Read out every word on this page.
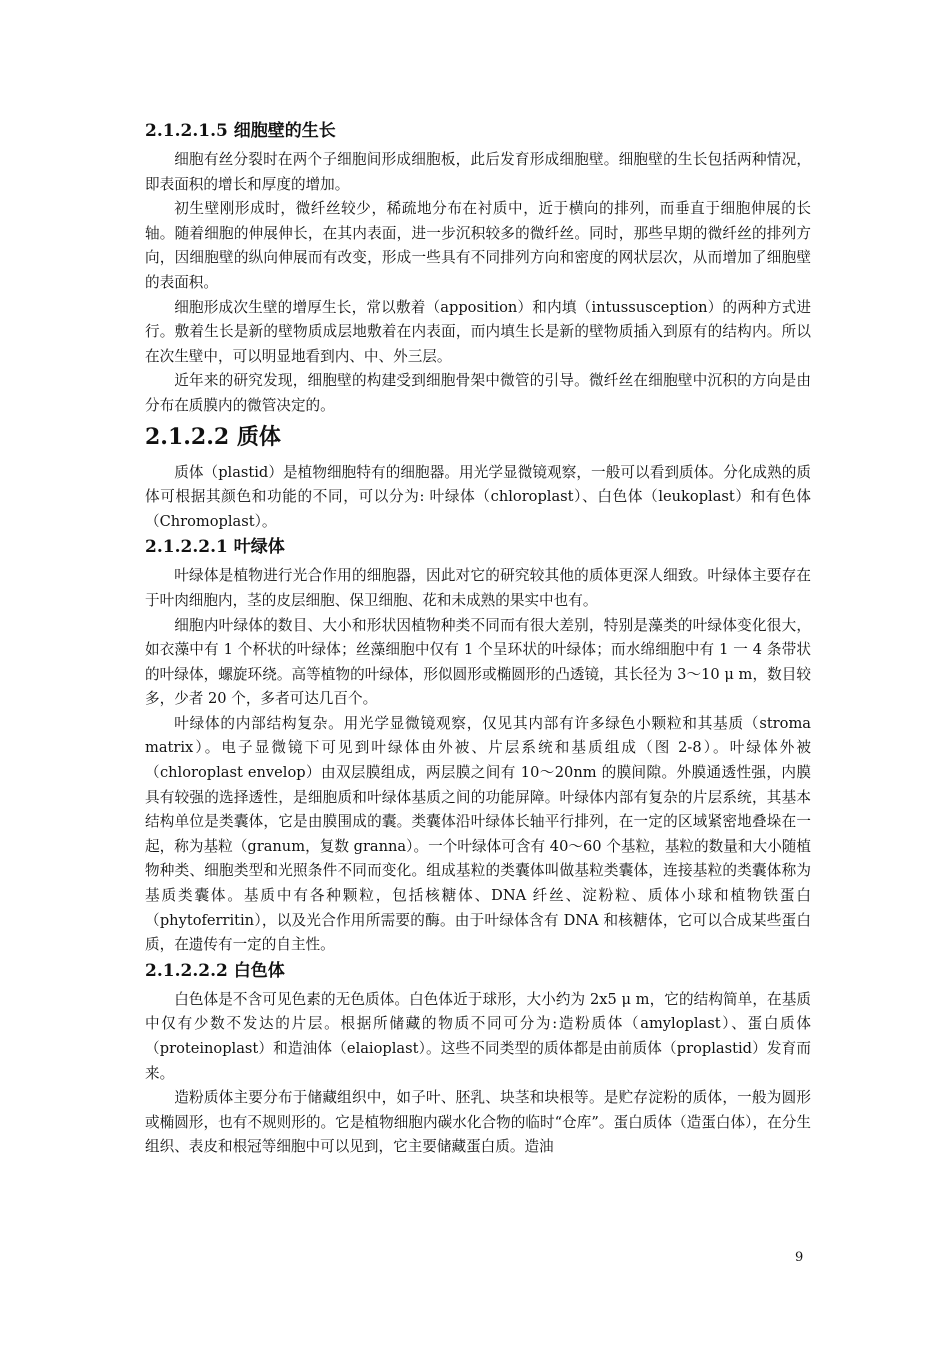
2.1.2.1.5 细胞壁的生长

细胞有丝分裂时在两个子细胞间形成细胞板，此后发育形成细胞壁。细胞壁的生长包括两种情况，即表面积的增长和厚度的增加。

初生壁刚形成时，微纤丝较少，稀疏地分布在衬质中，近于横向的排列，而垂直于细胞伸展的长轴。随着细胞的伸展伸长，在其内表面，进一步沉积较多的微纤丝。同时，那些早期的微纤丝的排列方向，因细胞壁的纵向伸展而有改变，形成一些具有不同排列方向和密度的网状层次，从而增加了细胞壁的表面积。

细胞形成次生壁的增厚生长，常以敷着（apposition）和内填（intussusception）的两种方式进行。敷着生长是新的壁物质成层地敷着在内表面，而内填生长是新的壁物质插入到原有的结构内。所以在次生壁中，可以明显地看到内、中、外三层。

近年来的研究发现，细胞壁的构建受到细胞骨架中微管的引导。微纤丝在细胞壁中沉积的方向是由分布在质膜内的微管决定的。

2.1.2.2 质体

质体（plastid）是植物细胞特有的细胞器。用光学显微镜观察，一般可以看到质体。分化成熟的质体可根据其颜色和功能的不同，可以分为: 叶绿体（chloroplast）、白色体（leukoplast）和有色体（Chromoplast）。

2.1.2.2.1 叶绿体

叶绿体是植物进行光合作用的细胞器，因此对它的研究较其他的质体更深人细致。叶绿体主要存在于叶肉细胞内，茎的皮层细胞、保卫细胞、花和未成熟的果实中也有。

细胞内叶绿体的数目、大小和形状因植物种类不同而有很大差别，特别是藻类的叶绿体变化很大，如衣藻中有 1 个杯状的叶绿体；丝藻细胞中仅有 1 个呈环状的叶绿体；而水绵细胞中有 1 一 4 条带状的叶绿体，螺旋环绕。高等植物的叶绿体，形似圆形或椭圆形的凸透镜，其长径为 3～10 μ m，数目较多，少者 20 个，多者可达几百个。

叶绿体的内部结构复杂。用光学显微镜观察，仅见其内部有许多绿色小颗粒和其基质（stroma matrix）。电子显微镜下可见到叶绿体由外被、片层系统和基质组成（图 2-8）。叶绿体外被（chloroplast envelop）由双层膜组成，两层膜之间有 10～20nm 的膜间隙。外膜通透性强，内膜具有较强的选择透性，是细胞质和叶绿体基质之间的功能屏障。叶绿体内部有复杂的片层系统，其基本结构单位是类囊体，它是由膜围成的囊。类囊体沿叶绿体长轴平行排列，在一定的区域紧密地叠垛在一起，称为基粒（granum，复数 granna）。一个叶绿体可含有 40～60 个基粒，基粒的数量和大小随植物种类、细胞类型和光照条件不同而变化。组成基粒的类囊体叫做基粒类囊体，连接基粒的类囊体称为基质类囊体。基质中有各种颗粒，包括核糖体、DNA 纤丝、淀粉粒、质体小球和植物铁蛋白（phytoferritin），以及光合作用所需要的酶。由于叶绿体含有 DNA 和核糖体，它可以合成某些蛋白质，在遗传有一定的自主性。

2.1.2.2.2 白色体

白色体是不含可见色素的无色质体。白色体近于球形，大小约为 2x5 μ m，它的结构简单，在基质中仅有少数不发达的片层。根据所储藏的物质不同可分为:造粉质体（amyloplast）、蛋白质体（proteinoplast）和造油体（elaioplast）。这些不同类型的质体都是由前质体（proplastid）发育而来。

造粉质体主要分布于储藏组织中，如子叶、胚乳、块茎和块根等。是贮存淀粉的质体，一般为圆形或椭圆形，也有不规则形的。它是植物细胞内碳水化合物的临时“仓库”。蛋白质体（造蛋白体），在分生组织、表皮和根冠等细胞中可以见到，它主要储藏蛋白质。造油

9
